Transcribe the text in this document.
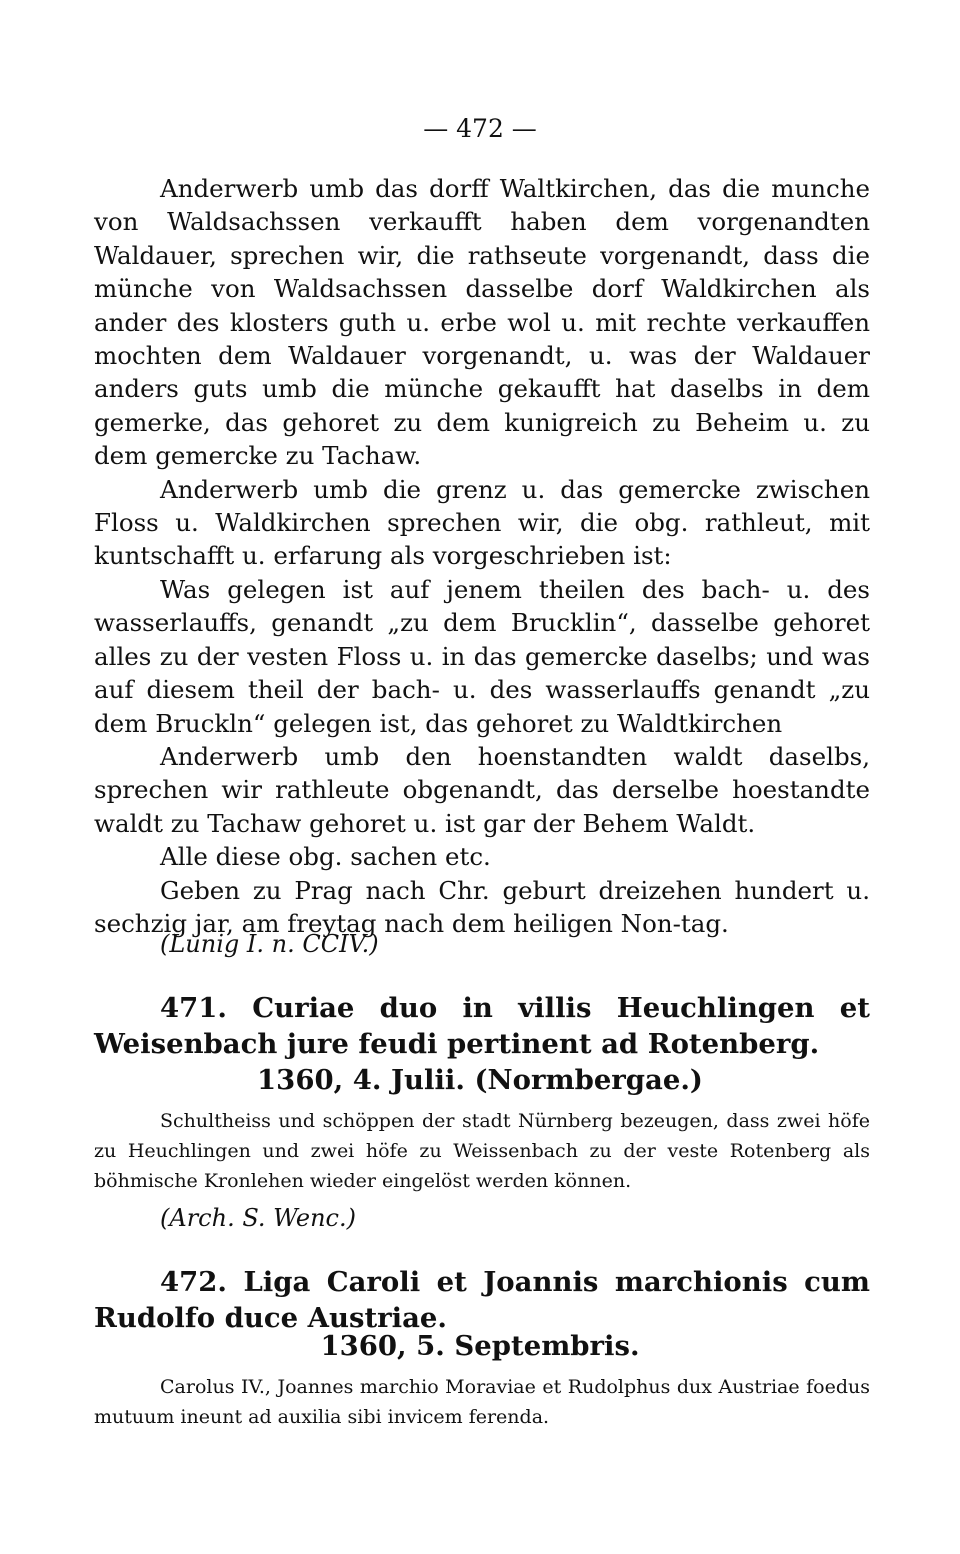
— 472 —

Anderwerb umb das dorff Waltkirchen, das die munche von Waldsachssen verkaufft haben dem vorgenandten Waldauer, sprechen wir, die rathseute vorgenandt, dass die münche von Waldsachssen dasselbe dorf Waldkirchen als ander des klosters guth u. erbe wol u. mit rechte verkauffen mochten dem Waldauer vorgenandt, u. was der Waldauer anders guts umb die münche gekaufft hat daselbs in dem gemerke, das gehoret zu dem kunigreich zu Beheim u. zu dem gemercke zu Tachaw.

Anderwerb umb die grenz u. das gemercke zwischen Floss u. Waldkirchen sprechen wir, die obg. rathleut, mit kuntschafft u. erfarung als vorgeschrieben ist:

Was gelegen ist auf jenem theilen des bach- u. des wasserlauffs, genandt „zu dem Brucklin“, dasselbe gehoret alles zu der vesten Floss u. in das gemercke daselbs; und was auf diesem theil der bach- u. des wasserlauffs genandt „zu dem Bruckln“ gelegen ist, das gehoret zu Waldtkirchen

Anderwerb umb den hoenstandten waldt daselbs, sprechen wir rathleute obgenandt, das derselbe hoestandte waldt zu Tachaw gehoret u. ist gar der Behem Waldt.

Alle diese obg. sachen etc.

Geben zu Prag nach Chr. geburt dreizehen hundert u. sechzig jar, am freytag nach dem heiligen Non-tag.

(Lunig I. n. CCIV.)
471. Curiae duo in villis Heuchlingen et Weisenbach jure feudi pertinent ad Rotenberg.
1360, 4. Julii. (Normbergae.)
Schultheiss und schöppen der stadt Nürnberg bezeugen, dass zwei höfe zu Heuchlingen und zwei höfe zu Weissenbach zu der veste Rotenberg als böhmische Kronlehen wieder eingelöst werden können.
(Arch. S. Wenc.)
472. Liga Caroli et Joannis marchionis cum Rudolfo duce Austriae.
1360, 5. Septembris.
Carolus IV., Joannes marchio Moraviae et Rudolphus dux Austriae foedus mutuum ineunt ad auxilia sibi invicem ferenda.
